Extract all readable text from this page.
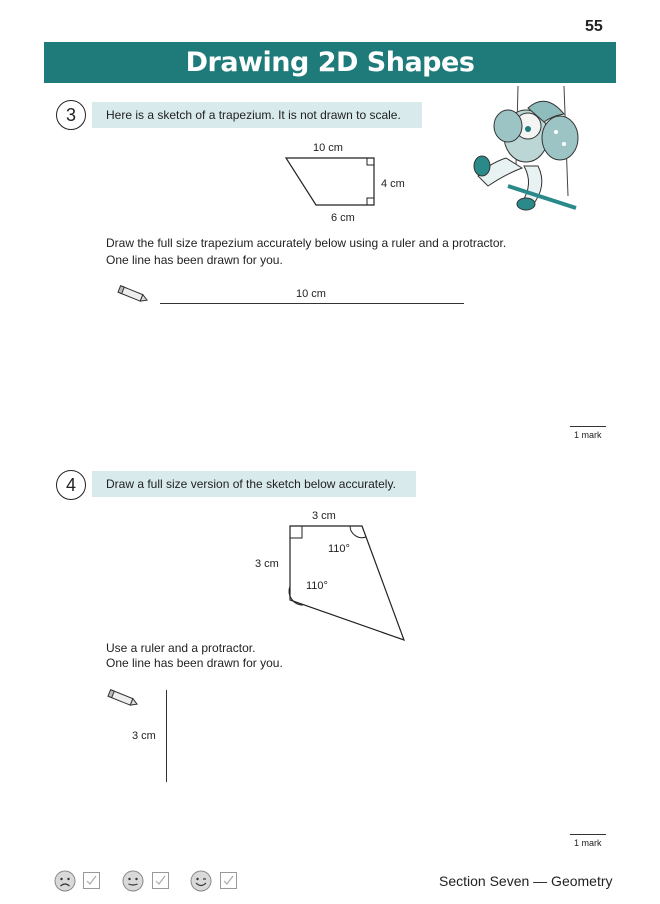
55
Drawing 2D Shapes
3	Here is a sketch of a trapezium. It is not drawn to scale.
10 cm
4 cm
6 cm
Draw the full size trapezium accurately below using a ruler and a protractor.
One line has been drawn for you.
10 cm
1 mark
4	Draw a full size version of the sketch below accurately.
3 cm
3 cm
110°
110°
Use a ruler and a protractor.
One line has been drawn for you.
3 cm
1 mark
Section Seven — Geometry
